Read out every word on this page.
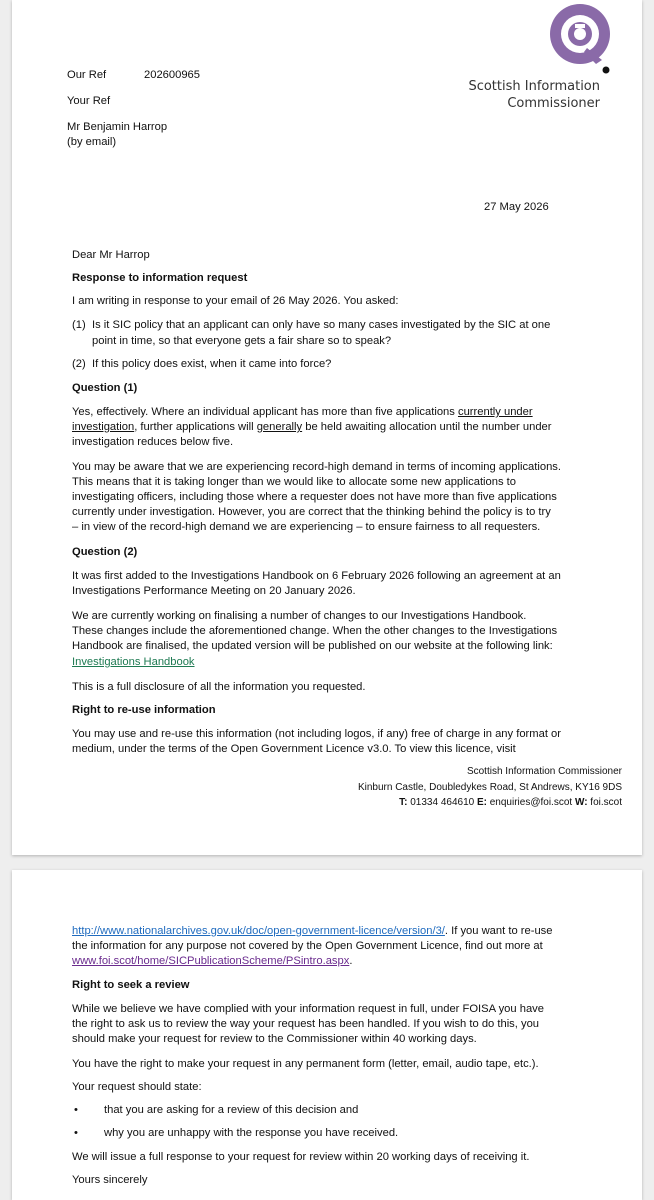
Scottish Information
Commissioner
Our Ref	202600965
Your Ref
Mr Benjamin Harrop
(by email)
27 May 2026
Dear Mr Harrop
Response to information request
I am writing in response to your email of 26 May 2026. You asked:
(1) Is it SIC policy that an applicant can only have so many cases investigated by the SIC at one
point in time, so that everyone gets a fair share so to speak?
(2) If this policy does exist, when it came into force?
Question (1)
Yes, effectively. Where an individual applicant has more than five applications currently under
investigation, further applications will generally be held awaiting allocation until the number under
investigation reduces below five.
You may be aware that we are experiencing record-high demand in terms of incoming applications.
This means that it is taking longer than we would like to allocate some new applications to
investigating officers, including those where a requester does not have more than five applications
currently under investigation. However, you are correct that the thinking behind the policy is to try
– in view of the record-high demand we are experiencing – to ensure fairness to all requesters.
Question (2)
It was first added to the Investigations Handbook on 6 February 2026 following an agreement at an
Investigations Performance Meeting on 20 January 2026.
We are currently working on finalising a number of changes to our Investigations Handbook.
These changes include the aforementioned change. When the other changes to the Investigations
Handbook are finalised, the updated version will be published on our website at the following link:
Investigations Handbook
This is a full disclosure of all the information you requested.
Right to re-use information
You may use and re-use this information (not including logos, if any) free of charge in any format or
medium, under the terms of the Open Government Licence v3.0. To view this licence, visit
Scottish Information Commissioner
Kinburn Castle, Doubledykes Road, St Andrews, KY16 9DS
T: 01334 464610 E: enquiries@foi.scot W: foi.scot
http://www.nationalarchives.gov.uk/doc/open-government-licence/version/3/. If you want to re-use
the information for any purpose not covered by the Open Government Licence, find out more at
www.foi.scot/home/SICPublicationScheme/PSintro.aspx.
Right to seek a review
While we believe we have complied with your information request in full, under FOISA you have
the right to ask us to review the way your request has been handled. If you wish to do this, you
should make your request for review to the Commissioner within 40 working days.
You have the right to make your request in any permanent form (letter, email, audio tape, etc.).
Your request should state:
• that you are asking for a review of this decision and
• why you are unhappy with the response you have received.
We will issue a full response to your request for review within 20 working days of receiving it.
Yours sincerely
